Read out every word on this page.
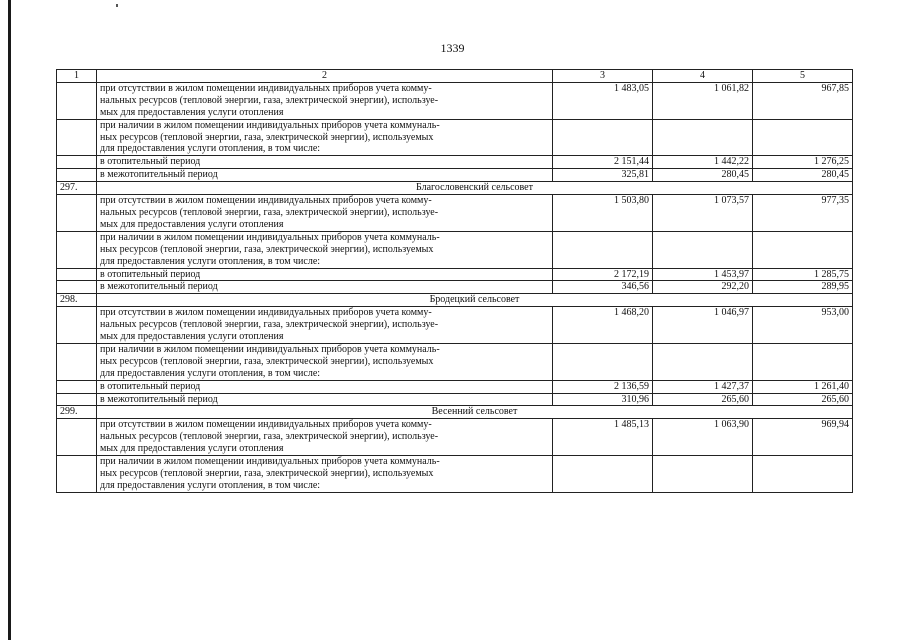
1339
1	2	3	4	5
	при отсутствии в жилом помещении индивидуальных приборов учета комму-
нальных ресурсов (тепловой энергии, газа, электрической энергии), используе-
мых для предоставления услуги отопления	1 483,05	1 061,82	967,85
	при наличии в жилом помещении индивидуальных приборов учета коммуналь-
ных ресурсов (тепловой энергии, газа, электрической энергии), используемых
для предоставления услуги отопления, в том числе:			
	в отопительный период	2 151,44	1 442,22	1 276,25
	в межотопительный период	325,81	280,45	280,45
297.	Благословенский сельсовет			
	при отсутствии в жилом помещении индивидуальных приборов учета комму-
нальных ресурсов (тепловой энергии, газа, электрической энергии), используе-
мых для предоставления услуги отопления	1 503,80	1 073,57	977,35
	при наличии в жилом помещении индивидуальных приборов учета коммуналь-
ных ресурсов (тепловой энергии, газа, электрической энергии), используемых
для предоставления услуги отопления, в том числе:			
	в отопительный период	2 172,19	1 453,97	1 285,75
	в межотопительный период	346,56	292,20	289,95
298.	Бродецкий сельсовет			
	при отсутствии в жилом помещении индивидуальных приборов учета комму-
нальных ресурсов (тепловой энергии, газа, электрической энергии), используе-
мых для предоставления услуги отопления	1 468,20	1 046,97	953,00
	при наличии в жилом помещении индивидуальных приборов учета коммуналь-
ных ресурсов (тепловой энергии, газа, электрической энергии), используемых
для предоставления услуги отопления, в том числе:			
	в отопительный период	2 136,59	1 427,37	1 261,40
	в межотопительный период	310,96	265,60	265,60
299.	Весенний сельсовет			
	при отсутствии в жилом помещении индивидуальных приборов учета комму-
нальных ресурсов (тепловой энергии, газа, электрической энергии), используе-
мых для предоставления услуги отопления	1 485,13	1 063,90	969,94
	при наличии в жилом помещении индивидуальных приборов учета коммуналь-
ных ресурсов (тепловой энергии, газа, электрической энергии), используемых
для предоставления услуги отопления, в том числе:			
